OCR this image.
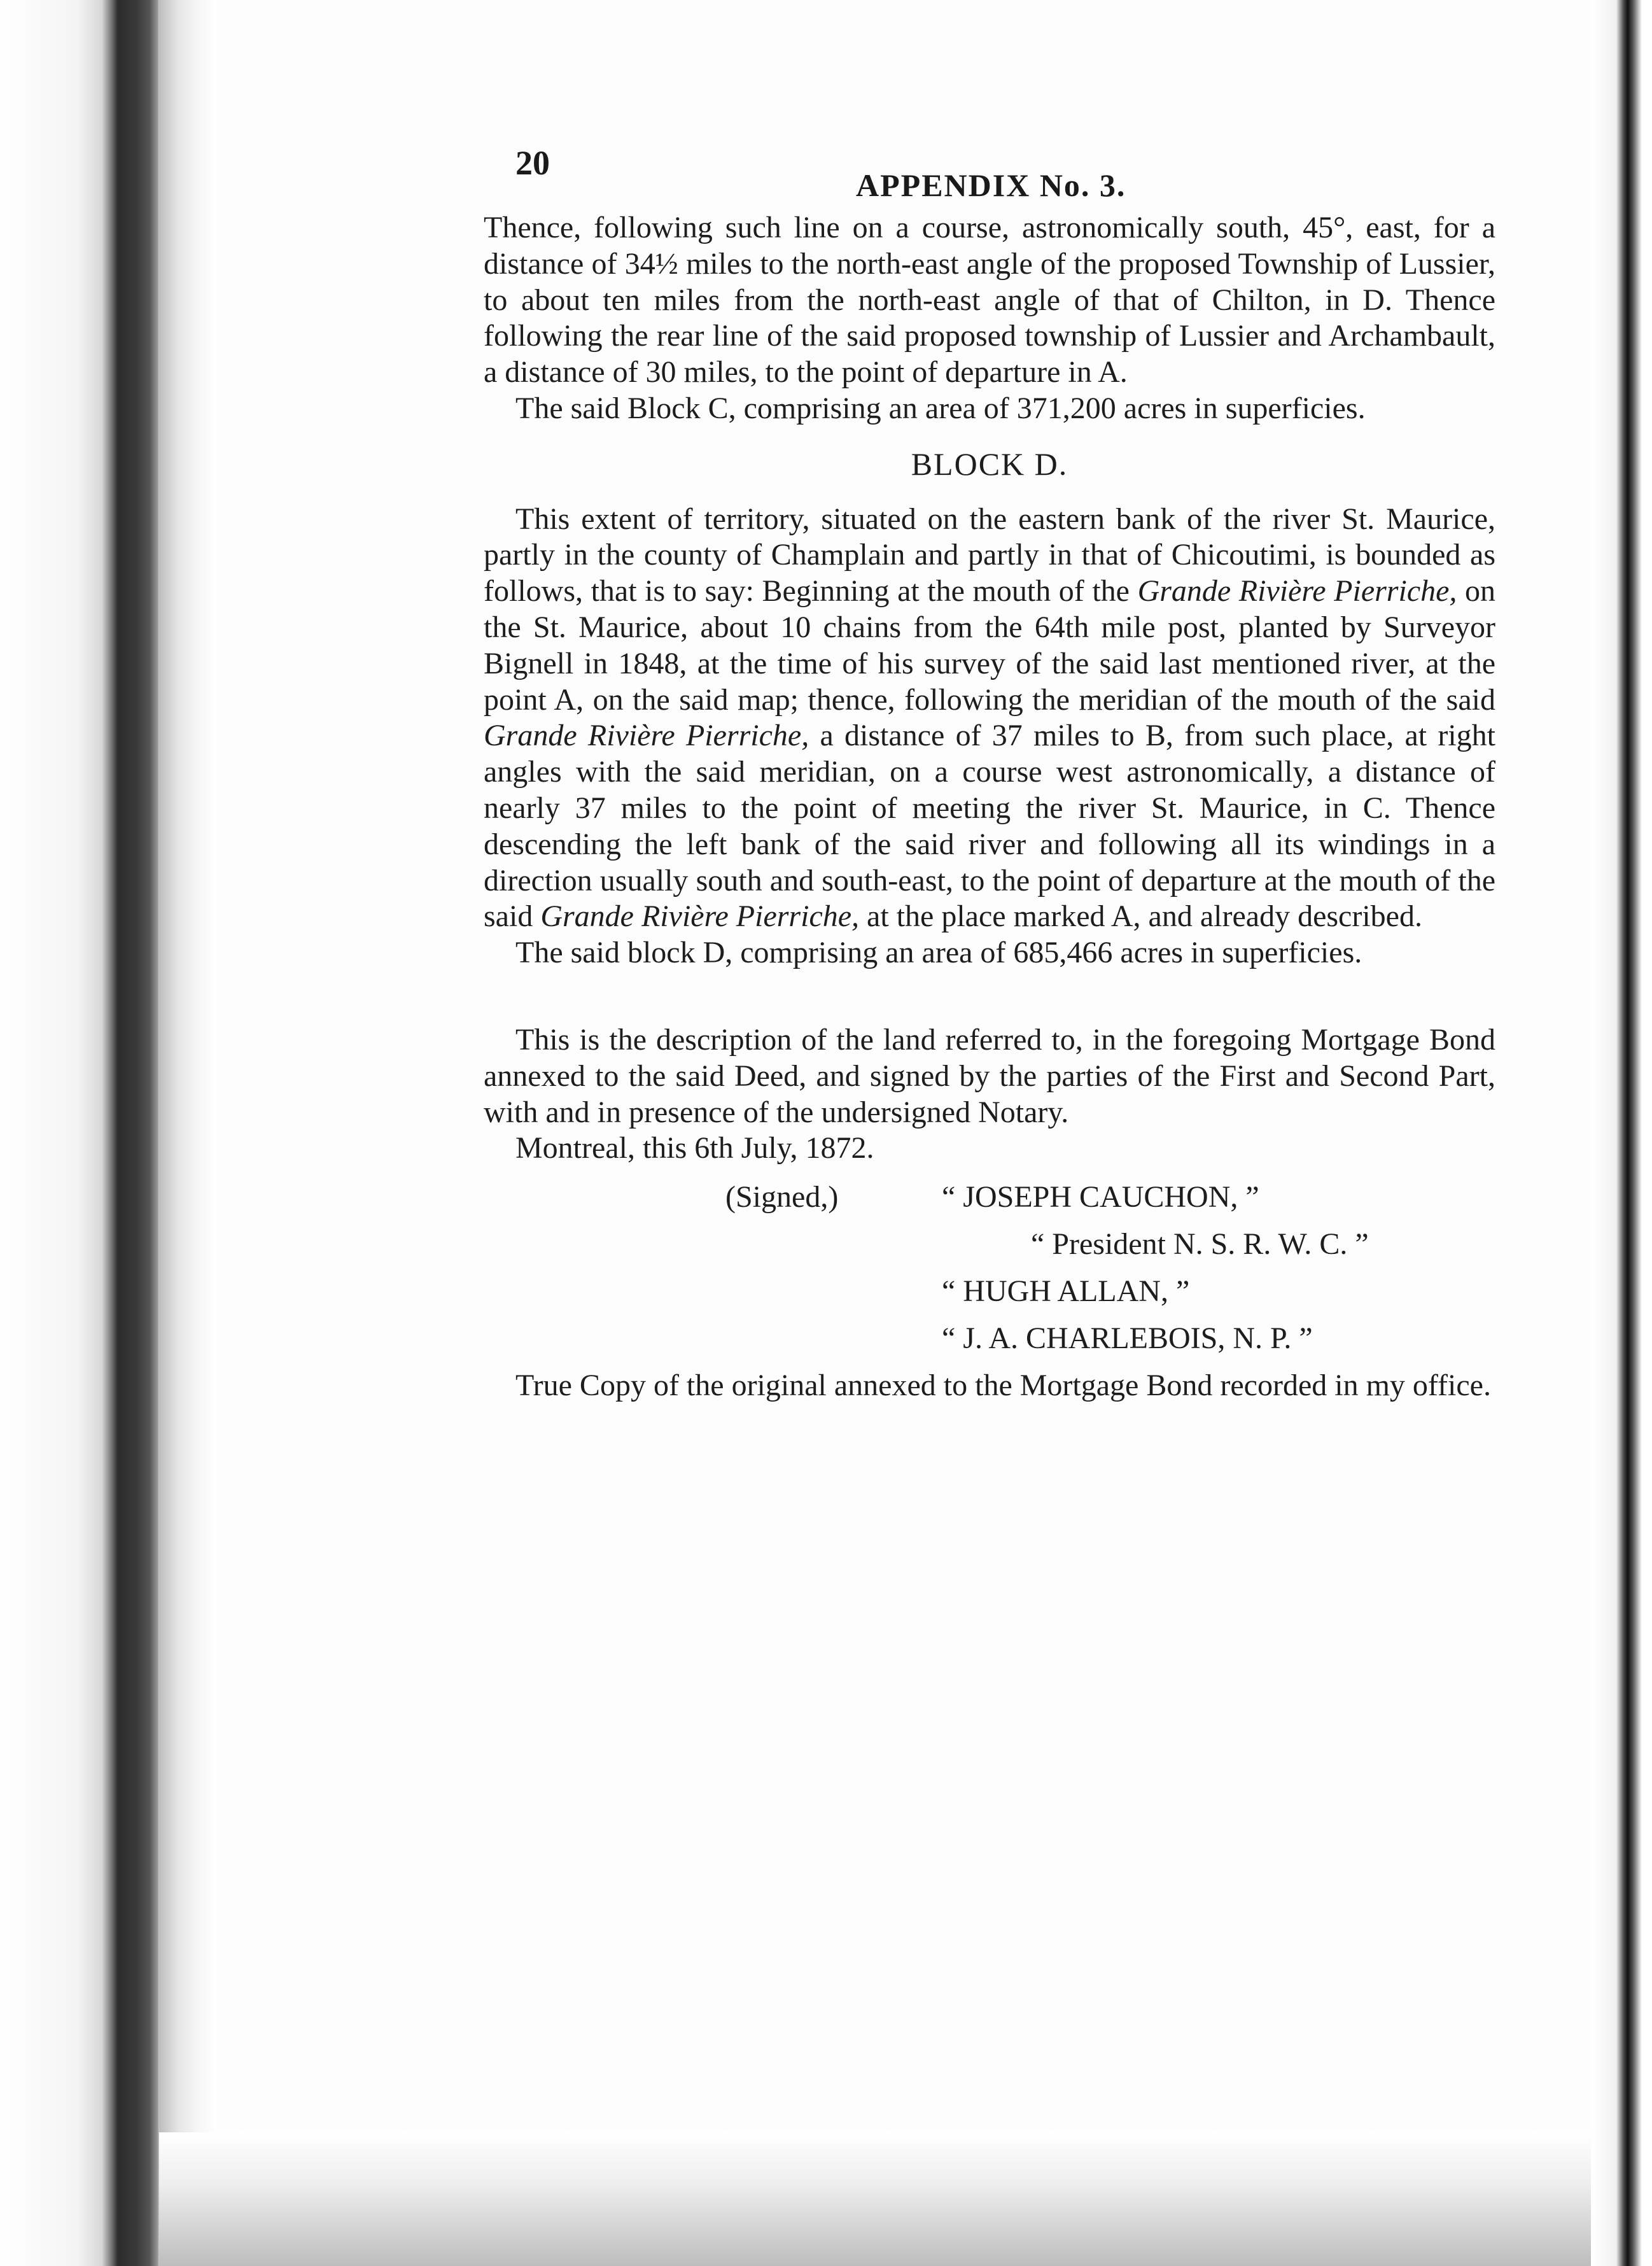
20
APPENDIX No. 3.

Thence, following such line on a course, astronomically south, 45°, east, for a distance of 34½ miles to the north-east angle of the proposed Township of Lussier, to about ten miles from the north-east angle of that of Chilton, in D. Thence following the rear line of the said proposed township of Lussier and Archambault, a distance of 30 miles, to the point of departure in A.

The said Block C, comprising an area of 371,200 acres in superficies.

BLOCK D.

This extent of territory, situated on the eastern bank of the river St. Maurice, partly in the county of Champlain and partly in that of Chicoutimi, is bounded as follows, that is to say: Beginning at the mouth of the Grande Rivière Pierriche, on the St. Maurice, about 10 chains from the 64th mile post, planted by Surveyor Bignell in 1848, at the time of his survey of the said last mentioned river, at the point A, on the said map; thence, following the meridian of the mouth of the said Grande Rivière Pierriche, a distance of 37 miles to B, from such place, at right angles with the said meridian, on a course west astronomically, a distance of nearly 37 miles to the point of meeting the river St. Maurice, in C. Thence descending the left bank of the said river and following all its windings in a direction usually south and south-east, to the point of departure at the mouth of the said Grande Rivière Pierriche, at the place marked A, and already described.

The said block D, comprising an area of 685,466 acres in superficies.

This is the description of the land referred to, in the foregoing Mortgage Bond annexed to the said Deed, and signed by the parties of the First and Second Part, with and in presence of the undersigned Notary.

Montreal, this 6th July, 1872.

(Signed,)	“ JOSEPH CAUCHON, ”
“ President N. S. R. W. C. ”
“ HUGH ALLAN, ”
“ J. A. CHARLEBOIS, N. P. ”

True Copy of the original annexed to the Mortgage Bond recorded in my office.
